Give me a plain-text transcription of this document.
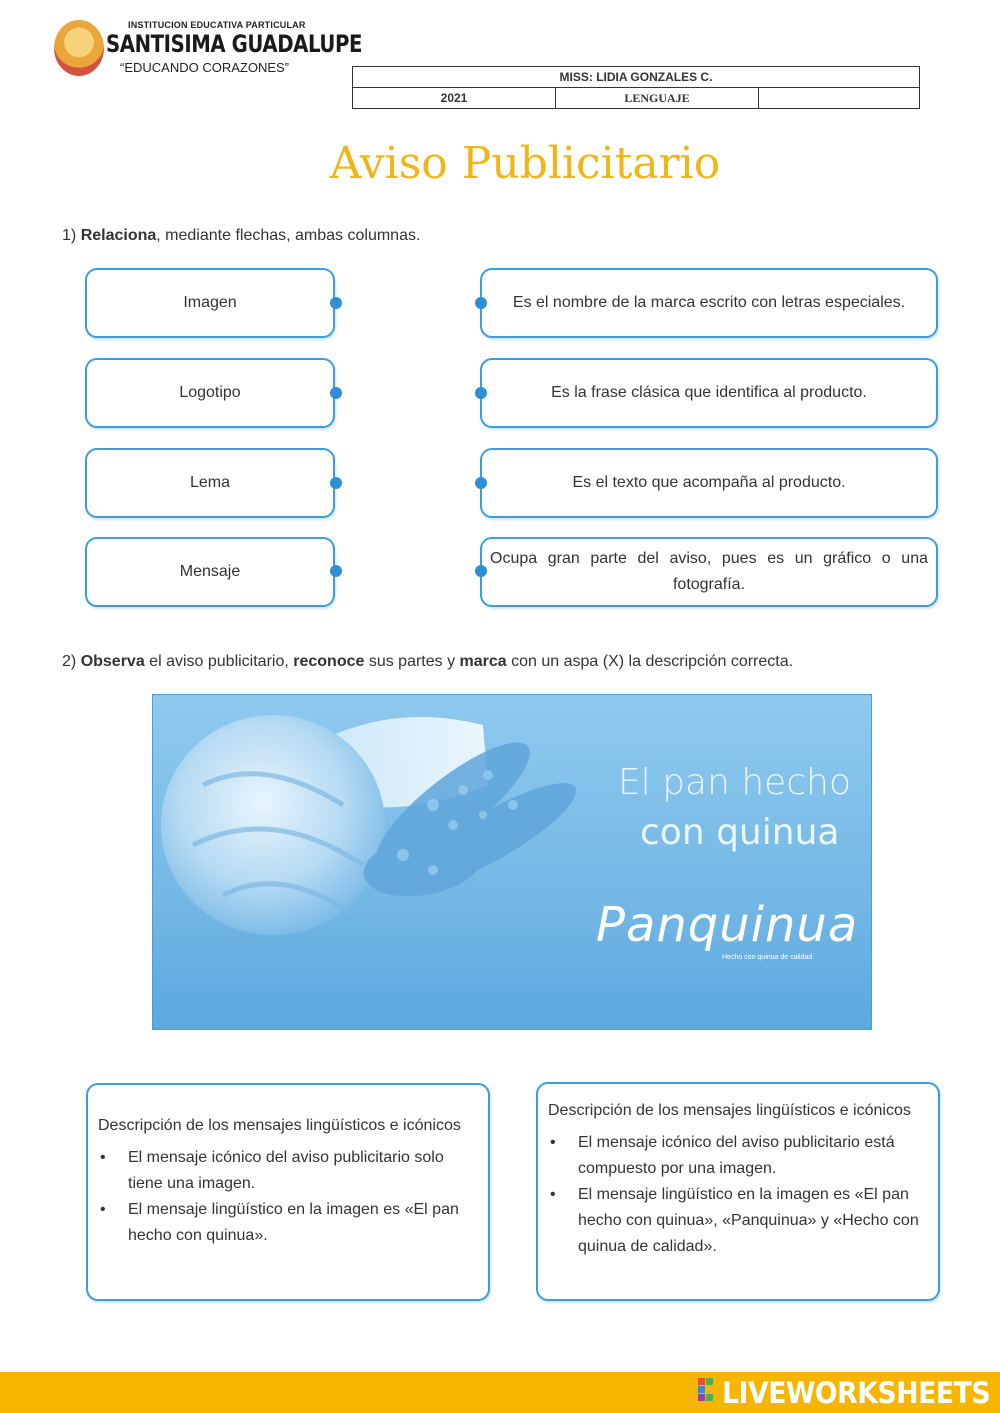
INSTITUCION EDUCATIVA PARTICULAR
SANTISIMA GUADALUPE
“EDUCANDO CORAZONES”
MISS: LIDIA GONZALES C.
2021	LENGUAJE	
Aviso Publicitario
1) Relaciona, mediante flechas, ambas columnas.
Imagen
Logotipo
Lema
Mensaje
Es el nombre de la marca escrito con letras especiales.
Es la frase clásica que identifica al producto.
Es el texto que acompaña al producto.
Ocupa gran parte del aviso, pues es un gráfico o una fotografía.
2) Observa el aviso publicitario, reconoce sus partes y marca con un aspa (X) la descripción correcta.
El pan hecho
con quinua
Panquinua
Hecho con quinua de calidad.
Descripción de los mensajes lingüísticos e icónicos
• El mensaje icónico del aviso publicitario solo tiene una imagen.
• El mensaje lingüístico en la imagen es «El pan hecho con quinua».
Descripción de los mensajes lingüísticos e icónicos
• El mensaje icónico del aviso publicitario está compuesto por una imagen.
• El mensaje lingüístico en la imagen es «El pan hecho con quinua», «Panquinua» y «Hecho con quinua de calidad».
LIVEWORKSHEETS
